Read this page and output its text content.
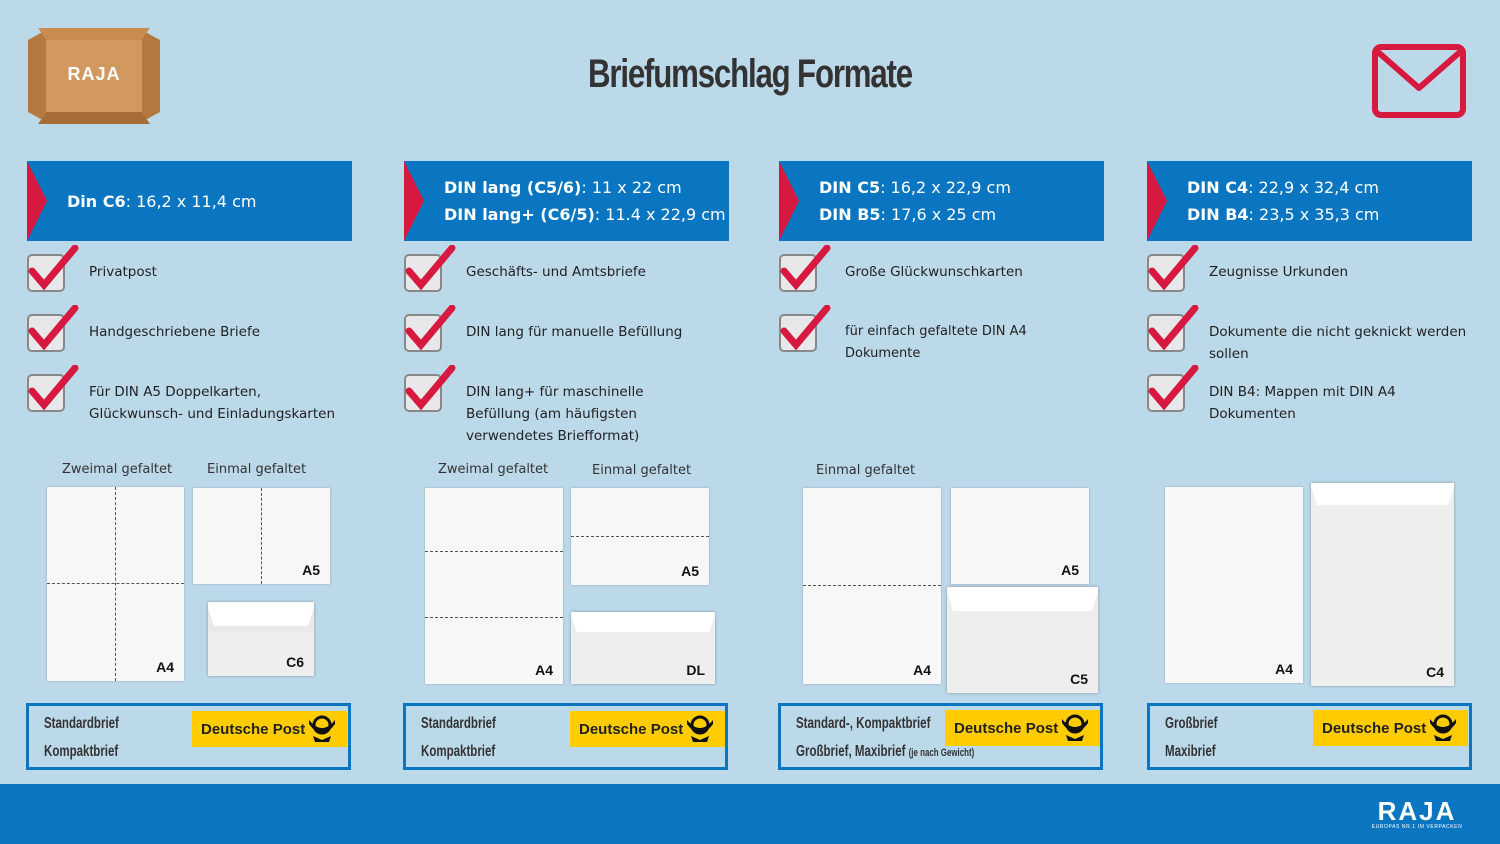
RAJA	Briefumschlag Formate
Din C6: 16,2 x 11,4 cm
Privatpost
Handgeschriebene Briefe
Für DIN A5 Doppelkarten, Glückwunsch- und Einladungskarten
DIN lang (C5/6): 11 x 22 cm
DIN lang+ (C6/5): 11.4 x 22,9 cm
Geschäfts- und Amtsbriefe
DIN lang für manuelle Befüllung
DIN lang+ für maschinelle Befüllung (am häufigsten verwendetes Briefformat)
DIN C5: 16,2 x 22,9 cm
DIN B5: 17,6 x 25 cm
Große Glückwunschkarten
für einfach gefaltete DIN A4 Dokumente
DIN C4: 22,9 x 32,4 cm
DIN B4: 23,5 x 35,3 cm
Zeugnisse Urkunden
Dokumente die nicht geknickt werden sollen
DIN B4: Mappen mit DIN A4 Dokumenten
Zweimal gefaltet	Einmal gefaltet
A4
A5
C6
Zweimal gefaltet	Einmal gefaltet
A4
A5
DL
Einmal gefaltet
A4
A5
C5
A4	C4
Standardbrief
Kompaktbrief
Deutsche Post	Standardbrief
Kompaktbrief
Deutsche Post	Standard-, Kompaktbrief
Großbrief, Maxibrief (je nach Gewicht)
Deutsche Post	Großbrief
Maxibrief
Deutsche Post
RAJA
EUROPAS NR.1 IM VERPACKEN
